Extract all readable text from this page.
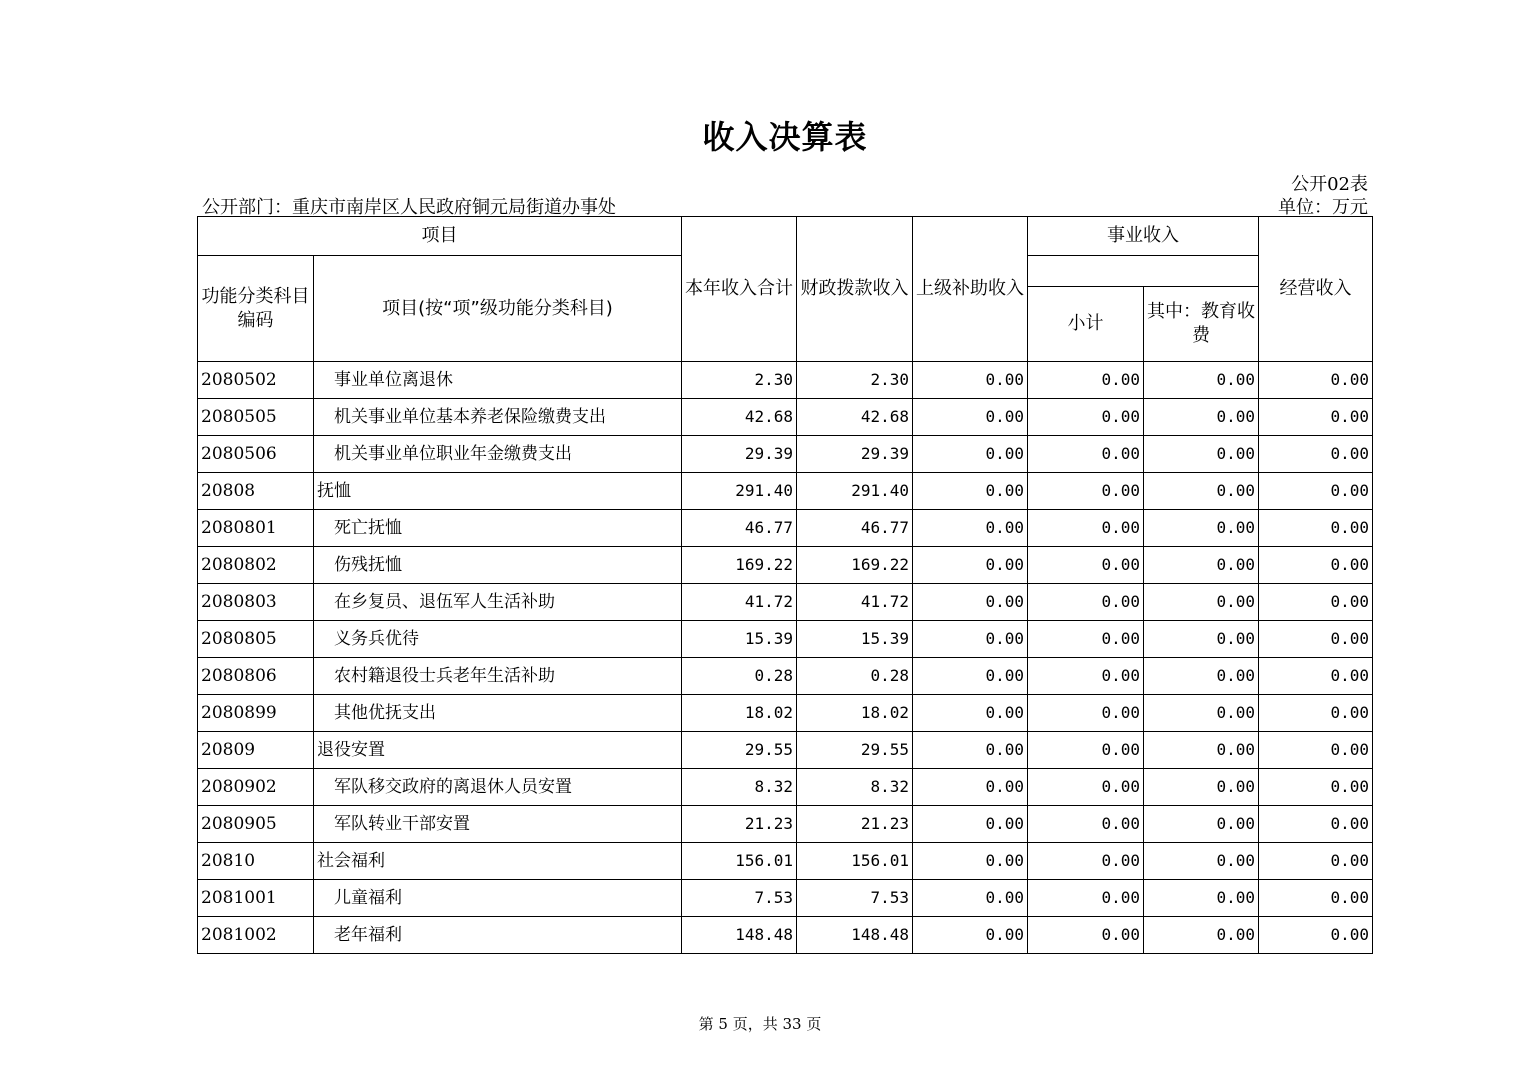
收入决算表
公开02表
公开部门：重庆市南岸区人民政府铜元局街道办事处	单位：万元
项目		本年收入合计	财政拨款收入	上级补助收入	事业收入		经营收入
功能分类科目编码	项目(按“项”级功能分类科目)						
					小计	其中：教育收费	
2080502	　事业单位离退休	2.30	2.30	0.00	0.00	0.00	0.00
2080505	　机关事业单位基本养老保险缴费支出	42.68	42.68	0.00	0.00	0.00	0.00
2080506	　机关事业单位职业年金缴费支出	29.39	29.39	0.00	0.00	0.00	0.00
20808	抚恤	291.40	291.40	0.00	0.00	0.00	0.00
2080801	　死亡抚恤	46.77	46.77	0.00	0.00	0.00	0.00
2080802	　伤残抚恤	169.22	169.22	0.00	0.00	0.00	0.00
2080803	　在乡复员、退伍军人生活补助	41.72	41.72	0.00	0.00	0.00	0.00
2080805	　义务兵优待	15.39	15.39	0.00	0.00	0.00	0.00
2080806	　农村籍退役士兵老年生活补助	0.28	0.28	0.00	0.00	0.00	0.00
2080899	　其他优抚支出	18.02	18.02	0.00	0.00	0.00	0.00
20809	退役安置	29.55	29.55	0.00	0.00	0.00	0.00
2080902	　军队移交政府的离退休人员安置	8.32	8.32	0.00	0.00	0.00	0.00
2080905	　军队转业干部安置	21.23	21.23	0.00	0.00	0.00	0.00
20810	社会福利	156.01	156.01	0.00	0.00	0.00	0.00
2081001	　儿童福利	7.53	7.53	0.00	0.00	0.00	0.00
2081002	　老年福利	148.48	148.48	0.00	0.00	0.00	0.00
第 5 页，共 33 页
